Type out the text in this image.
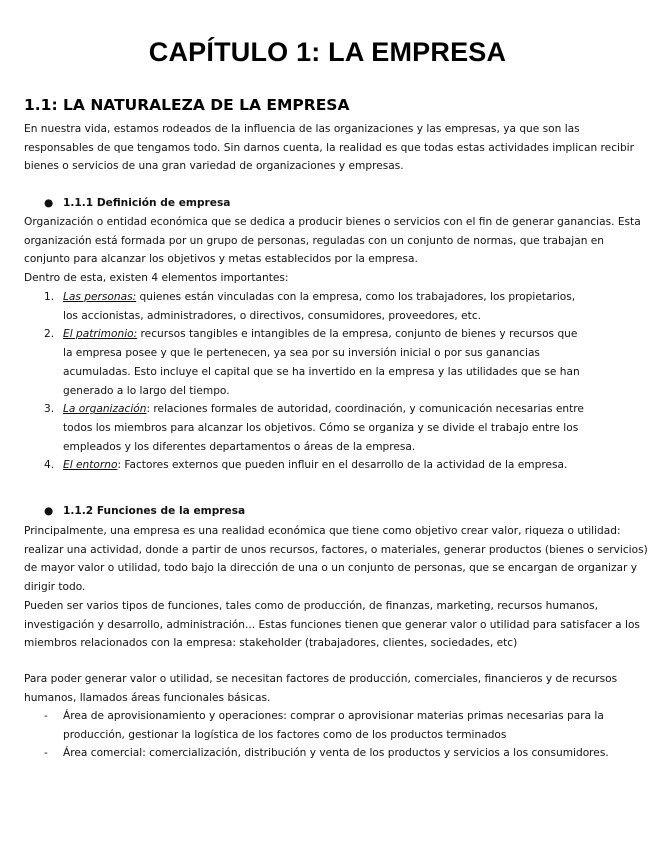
CAPÍTULO 1: LA EMPRESA
1.1: LA NATURALEZA DE LA EMPRESA

En nuestra vida, estamos rodeados de la influencia de las organizaciones y las empresas, ya que son las

responsables de que tengamos todo. Sin darnos cuenta, la realidad es que todas estas actividades implican recibir

bienes o servicios de una gran variedad de organizaciones y empresas.

● 1.1.1 Definición de empresa

Organización o entidad económica que se dedica a producir bienes o servicios con el fin de generar ganancias. Esta

organización está formada por un grupo de personas, reguladas con un conjunto de normas, que trabajan en

conjunto para alcanzar los objetivos y metas establecidos por la empresa.

Dentro de esta, existen 4 elementos importantes:

1. Las personas: quienes están vinculadas con la empresa, como los trabajadores, los propietarios,

los accionistas, administradores, o directivos, consumidores, proveedores, etc.

2. El patrimonio: recursos tangibles e intangibles de la empresa, conjunto de bienes y recursos que

la empresa posee y que le pertenecen, ya sea por su inversión inicial o por sus ganancias

acumuladas. Esto incluye el capital que se ha invertido en la empresa y las utilidades que se han

generado a lo largo del tiempo.

3. La organización: relaciones formales de autoridad, coordinación, y comunicación necesarias entre

todos los miembros para alcanzar los objetivos. Cómo se organiza y se divide el trabajo entre los

empleados y los diferentes departamentos o áreas de la empresa.

4. El entorno: Factores externos que pueden influir en el desarrollo de la actividad de la empresa.

● 1.1.2 Funciones de la empresa

Principalmente, una empresa es una realidad económica que tiene como objetivo crear valor, riqueza o utilidad:

realizar una actividad, donde a partir de unos recursos, factores, o materiales, generar productos (bienes o servicios)

de mayor valor o utilidad, todo bajo la dirección de una o un conjunto de personas, que se encargan de organizar y

dirigir todo.

Pueden ser varios tipos de funciones, tales como de producción, de finanzas, marketing, recursos humanos,

investigación y desarrollo, administración... Estas funciones tienen que generar valor o utilidad para satisfacer a los

miembros relacionados con la empresa: stakeholder (trabajadores, clientes, sociedades, etc)

Para poder generar valor o utilidad, se necesitan factores de producción, comerciales, financieros y de recursos

humanos, llamados áreas funcionales básicas.

- Área de aprovisionamiento y operaciones: comprar o aprovisionar materias primas necesarias para la

producción, gestionar la logística de los factores como de los productos terminados

- Área comercial: comercialización, distribución y venta de los productos y servicios a los consumidores.
